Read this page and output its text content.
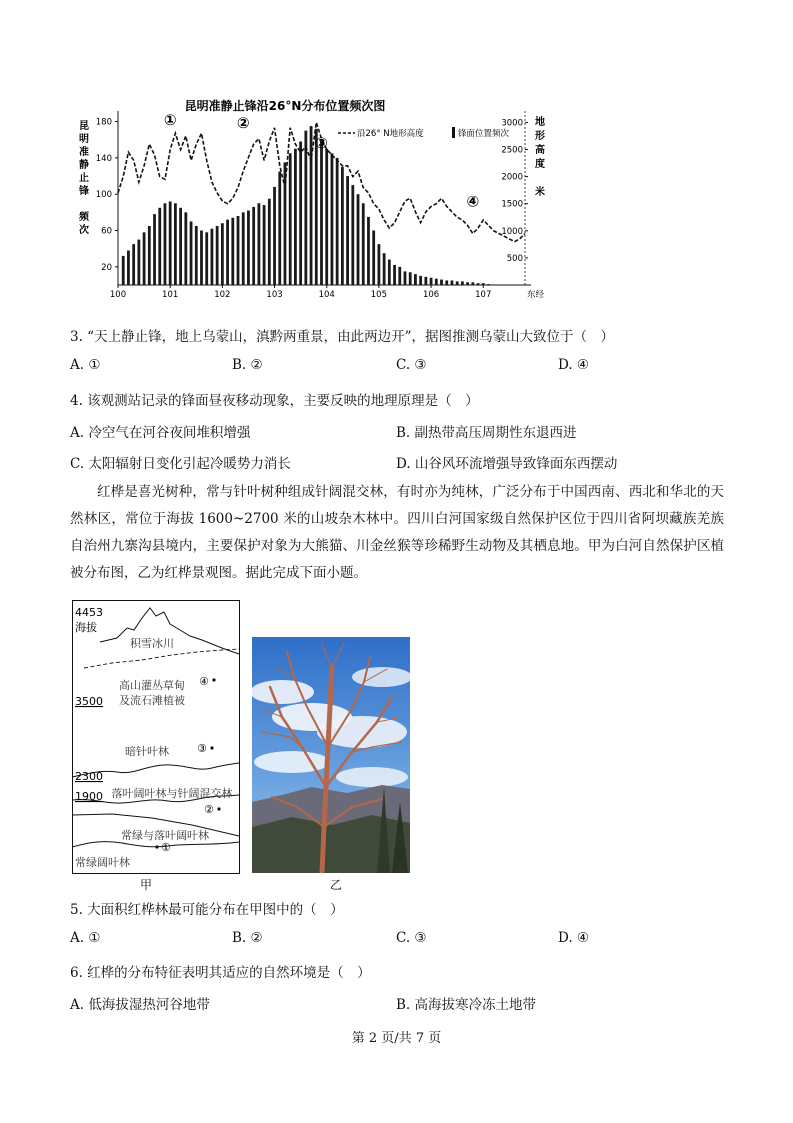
昆明准静止锋沿26°N分布位置频次图
沿26° N地形高度	锋面位置频次
昆
明
准
静
止
锋
频
次
地
形
高
度
米
180
140
100
60
20
3000
2500
2000
1500
1000
500
100	101	102	103	104	105	106	107	东经
①	②
③
④
3. “天上静止锋，地上乌蒙山，滇黔两重景，由此两边开”，据图推测乌蒙山大致位于（　）
A. ①	B. ②	C. ③	D. ④
4. 该观测站记录的锋面昼夜移动现象，主要反映的地理原理是（　）
A. 冷空气在河谷夜间堆积增强	B. 副热带高压周期性东退西进
C. 太阳辐射日变化引起冷暖势力消长	D. 山谷风环流增强导致锋面东西摆动
红桦是喜光树种，常与针叶树种组成针阔混交林，有时亦为纯林，广泛分布于中国西南、西北和华北的天然林区，常位于海拔 1600~2700 米的山坡杂木林中。四川白河国家级自然保护区位于四川省阿坝藏族羌族自治州九寨沟县境内，主要保护对象为大熊猫、川金丝猴等珍稀野生动物及其栖息地。甲为白河自然保护区植被分布图，乙为红桦景观图。据此完成下面小题。
4453
海拔
3500
2300
1900
积雪冰川
高山灌丛草甸
及流石滩植被
暗针叶林
落叶阔叶林与针阔混交林
常绿与落叶阔叶林
常绿阔叶林
④
③
②
①
甲	乙
5. 大面积红桦林最可能分布在甲图中的（　）
A. ①	B. ②	C. ③	D. ④
6. 红桦的分布特征表明其适应的自然环境是（　）
A. 低海拔湿热河谷地带	B. 高海拔寒冷冻土地带
第 2 页/共 7 页
